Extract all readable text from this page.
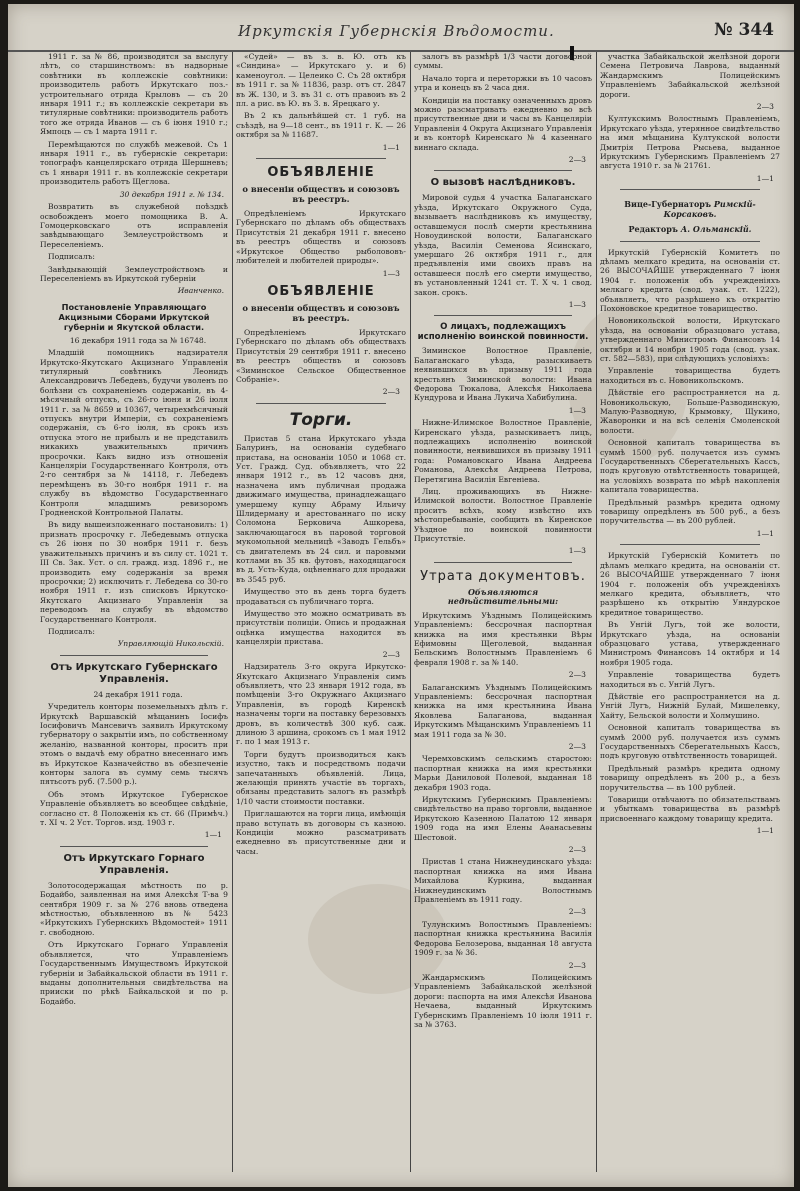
Иркутскія Губернскія Вѣдомости.	№ 344

1911 г. за № 86, производятся за выслугу лѣтъ, со старшинствомъ: въ надворные совѣтники въ коллежскіе совѣтники: производитель работъ Иркутскаго поз.-устроительнаго отряда Крыловъ — съ 20 января 1911 г.; въ коллежскіе секретари въ титулярные совѣтники: производитель работъ того же отряда Иванов — съ 6 іюня 1910 г.; Ямпоцъ — съ 1 марта 1911 г.

Перемѣщаются по службѣ межевой. Съ 1 января 1911 г., въ губернскіе секретари: топографъ канцелярскаго отряда Шершневъ; съ 1 января 1911 г. въ коллежскіе секретари производитель работъ Щеглова.

30 декабря 1911 г. № 134.

Возвратить въ служебной поѣздкѣ освобожденъ моего помощника В. А. Гомоцерковскаго отъ исправленія завѣдывающаго Землеустройствомъ и Переселеніемъ.

Подписалъ:

Завѣдывающій Землеустройствомъ и Переселеніемъ въ Иркутской губерніи

Иванченко.

Постановленіе Управляющаго Акцизными Сборами Иркутской губерніи и Якутской области.

16 декабря 1911 года за № 16748.

Младшій помощникъ надзирателя Иркутско-Якутскаго Акцизнаго Управленія титулярный совѣтникъ Леонидъ Александровичъ Лебедевъ, будучи уволенъ по болѣзни съ сохраненіемъ содержанія, въ 4-мѣсячный отпускъ, съ 26-го іюня и 26 іюля 1911 г. за № 8659 и 10367, четырехмѣсячный отпускъ внутри Имперіи, съ сохраненіемъ содержанія, съ 6-го іюля, въ срокъ изъ отпуска этого не прибылъ и не представилъ никакихъ уважительныхъ причинъ просрочки. Какъ видно изъ отношенія Канцеляріи Государственнаго Контроля, отъ 2-го сентября за № 14118, г. Лебедевъ перемѣщенъ въ 30-го ноября 1911 г. на службу въ вѣдомство Государственнаго Контроля младшимъ ревизоромъ Гродненской Контрольной Палаты.

Въ виду вышеизложеннаго постановилъ: 1) признать просрочку г. Лебедевымъ отпуска съ 26 іюня по 30 ноября 1911 г. безъ уважительныхъ причинъ и въ силу ст. 1021 т. III Св. Зак. Уст. о сл. гражд. изд. 1896 г., не производить ему содержанія за время просрочки; 2) исключить г. Лебедева со 30-го ноября 1911 г. изъ списковъ Иркутско-Якутскаго Акцизнаго Управленія за переводомъ на службу въ вѣдомство Государственнаго Контроля.

Подписалъ:

Управляющій Никольскій.

Отъ Иркутскаго Губернскаго Управленія.

24 декабря 1911 года.

Учредитель конторы поземельныхъ дѣлъ г. Иркутскѣ Варшавскій мѣщанинъ Іосифъ Іосифовичъ Мансевичъ заявилъ Иркутскому губернатору о закрытіи имъ, по собственному желанію, названной конторы, проситъ при этомъ о выдачѣ ему обратно внесеннаго имъ въ Иркутское Казначейство въ обезпеченіе конторы залога въ сумму семь тысячъ пятьсотъ руб. (7.500 р.).

Объ этомъ Иркутское Губернское Управленіе объявляетъ во всеобщее свѣдѣніе, согласно ст. 8 Положенія къ ст. 66 (Примѣч.) т. XI ч. 2 Уст. Торгов. изд. 1903 г.

1—1

Отъ Иркутскаго Горнаго Управленія.

Золотосодержащая мѣстность по р. Бодайбо, заявленная на имя Алексѣя Т-ва 9 сентября 1909 г. за № 276 вновь отведена мѣстностью, объявленною въ № 5423 «Иркутскихъ Губернскихъ Вѣдомостей» 1911 г. свободною.

Отъ Иркутскаго Горнаго Управленія объявляется, что Управленіемъ Государственнымъ Имуществомъ Иркутской губерніи и Забайкальской области въ 1911 г. выданы дополнительныя свидѣтельства на прииски по рѣкѣ Байкальской и по р. Бодайбо.

«Судей» — въ з. в. Ю. отъ къ «Синдина» — Иркутскаго у. и б) каменоугол. — Целеико С. Съ 28 октября въ 1911 г. за № 11836, разр. отъ ст. 2847 въ Ж. 130, и З. въ 31 с. отъ правоиъ въ 2 пл. а рис. въ Ю. въ З. в. Ярецкаго у.

Въ 2 къ дальнѣйшей ст. 1 губ. на съѣздѣ, на 9—18 сент., въ 1911 г. К. — 26 октября за № 11687.

1—1

ОБЪЯВЛЕНІЕ

о внесеніи обществъ и союзовъ въ реестръ.

Опредѣленіемъ Иркутскаго Губернскаго по дѣламъ объ обществахъ Присутствія 21 декабря 1911 г. внесено въ реестръ обществъ и союзовъ «Иркутское Общество рыболововъ-любителей и любителей природы».

1—3

ОБЪЯВЛЕНІЕ

о внесеніи обществъ и союзовъ въ реестръ.

Опредѣленіемъ Иркутскаго Губернскаго по дѣламъ объ обществахъ Присутствія 29 сентября 1911 г. внесено въ реестръ обществъ и союзовъ «Зиминское Сельское Общественное Собраніе».

2—3

Торги.

Пристав 5 стана Иркутскаго уѣзда Балуринъ, на основаніи судебнаго пристава, на основаніи 1050 и 1068 ст. Уст. Гражд. Суд. объявляетъ, что 22 января 1912 г., въ 12 часовъ дня, назначена имъ публичная продажа движимаго имущества, принадлежащаго умершему купцу Абраму Ильичу Шлидерману и арестованнаго по иску Соломона Берковича Ашкорева, заключающагося въ паровой торговой мукомольной мельницѣ «Заводъ Гельбъ» съ двигателемъ въ 24 сил. и паровыми котлами въ 35 кв. футовъ, находящагося въ д. Усть-Куда, оцѣненнаго для продажи въ 3545 руб.

Имущество это въ день торга будетъ продаваться съ публичнаго торга.

Имущество это можно осматривать въ присутствіи полиціи. Опись и продажная оцѣнка имущества находится въ канцеляріи пристава.

2—3

Надзиратель 3-го округа Иркутско-Якутскаго Акцизнаго Управленія симъ объявляетъ, что 23 января 1912 года, въ помѣщеніи 3-го Окружнаго Акцизнаго Управленія, въ городѣ Киренскѣ назначены торги на поставку березовыхъ дровъ, въ количествѣ 300 куб. саж. длиною 3 аршина, срокомъ съ 1 мая 1912 г. по 1 мая 1913 г.

Торги будутъ производиться какъ изустно, такъ и посредствомъ подачи запечатанныхъ объявленій. Лица, желающія принять участіе въ торгахъ, обязаны представить залогъ въ размѣрѣ 1/10 части стоимости поставки.

Приглашаются на торги лица, имѣющія право вступать въ договоры съ казною. Кондиціи можно разсматривать ежедневно въ присутственные дни и часы.

залогъ въ размѣрѣ 1/3 части договорной суммы.

Начало торга и переторжки въ 10 часовъ утра и конецъ въ 2 часа дня.

Кондиціи на поставку означенныхъ дровъ можно разсматривать ежедневно во всѣ присутственные дни и часы въ Канцеляріи Управленія 4 Округа Акцизнаго Управленія и въ конторѣ Киренскаго № 4 казеннаго виннаго склада.

2—3

О вызовѣ наслѣдниковъ.

Мировой судья 4 участка Балаганскаго уѣзда, Иркутскаго Окружного Суда, вызываетъ наслѣдниковъ къ имуществу, оставшемуся послѣ смерти крестьянина Новоудинской волости, Балаганскаго уѣзда, Василія Семенова Ясинскаго, умершаго 26 октября 1911 г., для предъявленія ими своихъ правъ на оставшееся послѣ его смерти имущество, въ установленный 1241 ст. Т. X ч. 1 свод. закон. срокъ.

1—3

О лицахъ, подлежащихъ исполненію воинской повинности.

Зиминское Волостное Правленіе, Балаганскаго уѣзда, разыскиваетъ неявившихся въ призыву 1911 года крестьянъ Зиминской волости: Ивана Федорова Тюкалова, Алексѣя Николаева Кундурова и Ивана Лукича Хабибулина.

1—3

Нижне-Илимское Волостное Правленіе, Киренскаго уѣзда, разыскиваетъ лицъ, подлежащихъ исполненію воинской повинности, неявившихся въ призыву 1911 года: Романовскаго Ивана Андреева Романова, Алексѣя Андреева Петрова, Перетягина Василія Евгеніева.

Лиц. проживающихъ въ Нижне-Илимской волости. Волостное Правленіе проситъ всѣхъ, кому извѣстно ихъ мѣстопребываніе, сообщить въ Киренское Уѣздное по воинской повинности Присутствіе.

1—3

Утрата документовъ.

Объявляются недѣйствительными:

Иркутскимъ Уѣзднымъ Полицейскимъ Управленіемъ: бессрочная паспортная книжка на имя крестьянки Вѣры Ефимовны Щеголевой, выданная Бельскимъ Волостнымъ Правленіемъ 6 февраля 1908 г. за № 140.

2—3

Балаганскимъ Уѣзднымъ Полицейскимъ Управленіемъ: бессрочная паспортная книжка на имя крестьянина Ивана Яковлева Балаганова, выданная Иркутскимъ Мѣщанскимъ Управленіемъ 11 мая 1911 года за № 30.

2—3

Черемховскимъ сельскимъ старостою: паспортная книжка на имя крестьянки Марьи Даниловой Полевой, выданная 18 декабря 1903 года.

Иркутскимъ Губернскимъ Правленіемъ: свидѣтельство на право торговли, выданное Иркутскою Казенною Палатою 12 января 1909 года на имя Елены Аѳанасьевны Шестовой.

2—3

Пристав 1 стана Нижнеудинскаго уѣзда: паспортная книжка на имя Ивана Михайлова Куркина, выданная Нижнеудинскимъ Волостнымъ Правленіемъ въ 1911 году.

2—3

Тулунскимъ Волостнымъ Правленіемъ: паспортная книжка крестьянина Василія Федорова Белозерова, выданная 18 августа 1909 г. за № 36.

2—3

Жандармскимъ Полицейскимъ Управленіемъ Забайкальской желѣзной дороги: паспорта на имя Алексѣя Иванова Нечаева, выданный Иркутскимъ Губернскимъ Правленіемъ 10 іюля 1911 г. за № 3763.

участка Забайкальской желѣзной дороги Семена Петровича Лаврова, выданный Жандармскимъ Полицейскимъ Управленіемъ Забайкальской желѣзной дороги.

2—3

Култукскимъ Волостнымъ Правленіемъ, Иркутскаго уѣзда, утерянное свидѣтельство на имя мѣщанина Култукской волости Дмитрія Петрова Рысьева, выданное Иркутскимъ Губернскимъ Правленіемъ 27 августа 1910 г. за № 21761.

1—1

Вице-Губернаторъ Римскій-Корсаковъ.

Редакторъ А. Ольманскій.

Иркутскій Губернскій Комитетъ по дѣламъ мелкаго кредита, на основаніи ст. 26 ВЫСОЧАЙШЕ утвержденнаго 7 іюня 1904 г. положенія объ учрежденіяхъ мелкаго кредита (свод. узак. ст. 1222), объявляетъ, что разрѣшено къ открытію Похоновское кредитное товарищество.

Новоникольской волости, Иркутскаго уѣзда, на основаніи образцоваго устава, утвержденнаго Министромъ Финансовъ 14 октября и 14 ноября 1905 года (свод. узак. ст. 582—583), при слѣдующихъ условіяхъ:

Управленіе товарищества будетъ находиться въ с. Новоникольскомъ.

Дѣйствіе его распространяется на д. Новоникольскую, Больше-Разводинскую, Малую-Разводную, Крымовку, Щукино, Жаворонки и на всѣ селенія Смоленской волости.

Основной капиталъ товарищества въ суммѣ 1500 руб. получается изъ суммъ Государственныхъ Сберегательныхъ Кассъ, подъ круговую отвѣтственность товарищей, на условіяхъ возврата по мѣрѣ накопленія капитала товарищества.

Предѣльный размѣръ кредита одному товарищу опредѣленъ въ 500 руб., а безъ поручительства — въ 200 рублей.

1—1

Иркутскій Губернскій Комитетъ по дѣламъ мелкаго кредита, на основаніи ст. 26 ВЫСОЧАЙШЕ утвержденнаго 7 іюня 1904 г. положенія объ учрежденіяхъ мелкаго кредита, объявляетъ, что разрѣшено къ открытію Уяндурское кредитное товарищество.

Въ Унгій Лугъ, той же волости, Иркутскаго уѣзда, на основаніи образцоваго устава, утвержденнаго Министромъ Финансовъ 14 октября и 14 ноября 1905 года.

Управленіе товарищества будетъ находиться въ с. Унгій Лугъ.

Дѣйствіе его распространяется на д. Унгій Лугъ, Нижній Булай, Мишелевку, Хайту, Бельской волости и Холмушино.

Основной капиталъ товарищества въ суммѣ 2000 руб. получается изъ суммъ Государственныхъ Сберегательныхъ Кассъ, подъ круговую отвѣтственность товарищей.

Предѣльный размѣръ кредита одному товарищу опредѣленъ въ 200 р., а безъ поручительства — въ 100 рублей.

Товарищи отвѣчаютъ по обязательствамъ и убыткамъ товарищества въ размѣрѣ присвоеннаго каждому товарищу кредита.

1—1
